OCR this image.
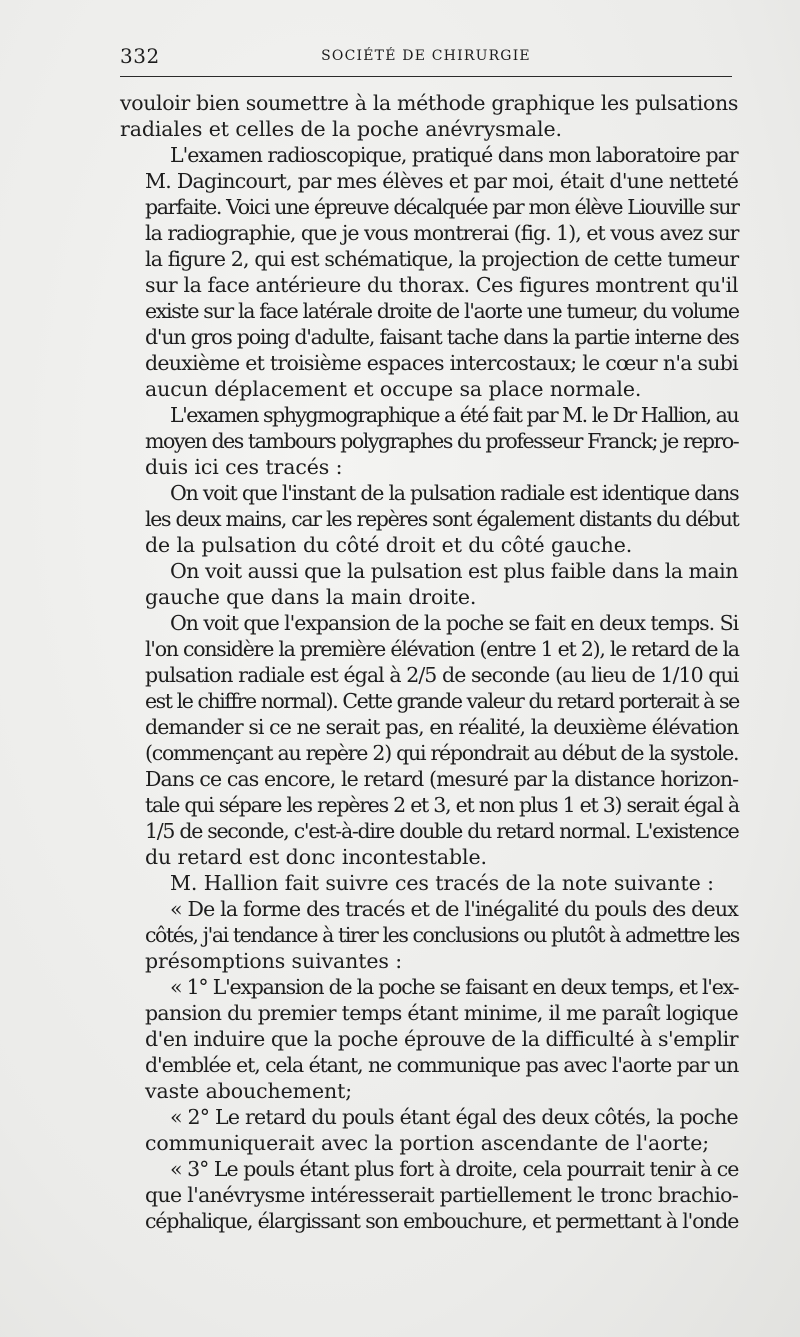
332	SOCIÉTÉ DE CHIRURGIE

vouloir bien soumettre à la méthode graphique les pulsations
radiales et celles de la poche anévrysmale.

L'examen radioscopique, pratiqué dans mon laboratoire par
M. Dagincourt, par mes élèves et par moi, était d'une netteté
parfaite. Voici une épreuve décalquée par mon élève Liouville sur
la radiographie, que je vous montrerai (fig. 1), et vous avez sur
la figure 2, qui est schématique, la projection de cette tumeur
sur la face antérieure du thorax. Ces figures montrent qu'il
existe sur la face latérale droite de l'aorte une tumeur, du volume
d'un gros poing d'adulte, faisant tache dans la partie interne des
deuxième et troisième espaces intercostaux; le cœur n'a subi
aucun déplacement et occupe sa place normale.

L'examen sphygmographique a été fait par M. le Dr Hallion, au
moyen des tambours polygraphes du professeur Franck; je repro-
duis ici ces tracés :

On voit que l'instant de la pulsation radiale est identique dans
les deux mains, car les repères sont également distants du début
de la pulsation du côté droit et du côté gauche.

On voit aussi que la pulsation est plus faible dans la main
gauche que dans la main droite.

On voit que l'expansion de la poche se fait en deux temps. Si
l'on considère la première élévation (entre 1 et 2), le retard de la
pulsation radiale est égal à 2/5 de seconde (au lieu de 1/10 qui
est le chiffre normal). Cette grande valeur du retard porterait à se
demander si ce ne serait pas, en réalité, la deuxième élévation
(commençant au repère 2) qui répondrait au début de la systole.
Dans ce cas encore, le retard (mesuré par la distance horizon-
tale qui sépare les repères 2 et 3, et non plus 1 et 3) serait égal à
1/5 de seconde, c'est-à-dire double du retard normal. L'existence
du retard est donc incontestable.

M. Hallion fait suivre ces tracés de la note suivante :

« De la forme des tracés et de l'inégalité du pouls des deux
côtés, j'ai tendance à tirer les conclusions ou plutôt à admettre les
présomptions suivantes :

« 1° L'expansion de la poche se faisant en deux temps, et l'ex-
pansion du premier temps étant minime, il me paraît logique
d'en induire que la poche éprouve de la difficulté à s'emplir
d'emblée et, cela étant, ne communique pas avec l'aorte par un
vaste abouchement;

« 2° Le retard du pouls étant égal des deux côtés, la poche
communiquerait avec la portion ascendante de l'aorte;

« 3° Le pouls étant plus fort à droite, cela pourrait tenir à ce
que l'anévrysme intéresserait partiellement le tronc brachio-
céphalique, élargissant son embouchure, et permettant à l'onde
